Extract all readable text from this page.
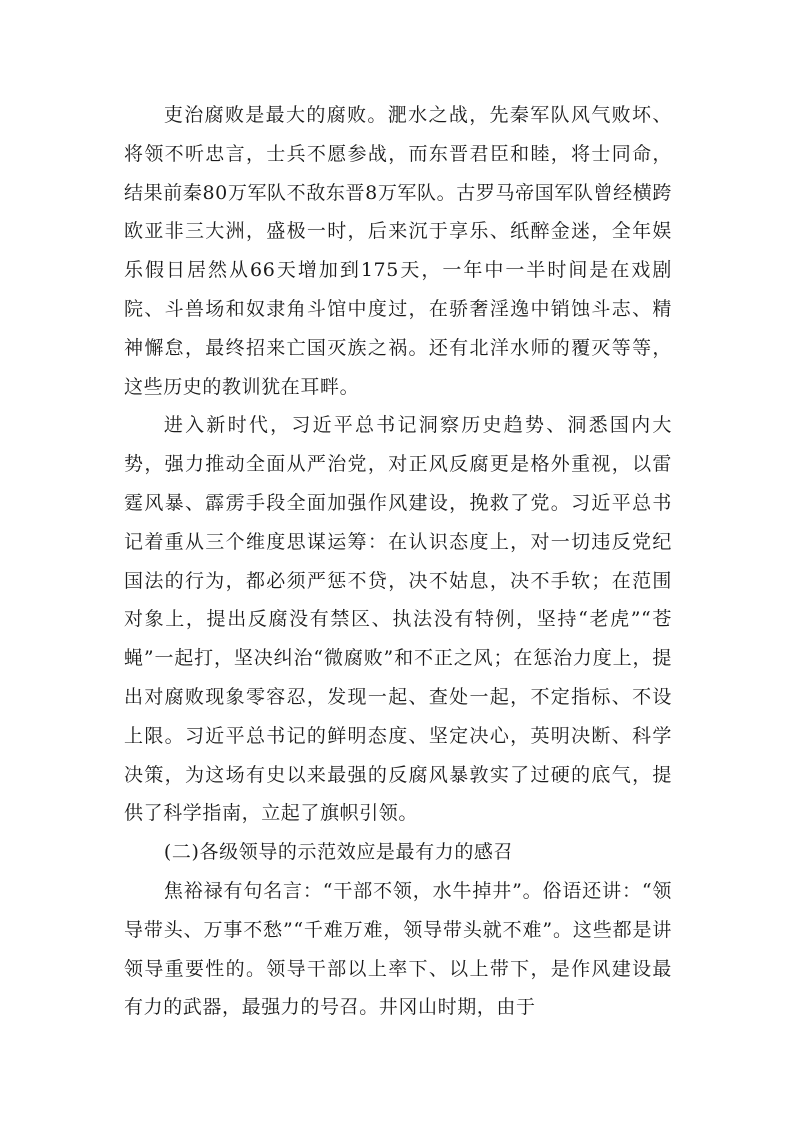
吏治腐败是最大的腐败。淝水之战，先秦军队风气败坏、将领不听忠言，士兵不愿参战，而东晋君臣和睦，将士同命，结果前秦80万军队不敌东晋8万军队。古罗马帝国军队曾经横跨欧亚非三大洲，盛极一时，后来沉于享乐、纸醉金迷，全年娱乐假日居然从66天增加到175天，一年中一半时间是在戏剧院、斗兽场和奴隶角斗馆中度过，在骄奢淫逸中销蚀斗志、精神懈怠，最终招来亡国灭族之祸。还有北洋水师的覆灭等等，这些历史的教训犹在耳畔。

进入新时代，习近平总书记洞察历史趋势、洞悉国内大势，强力推动全面从严治党，对正风反腐更是格外重视，以雷霆风暴、霹雳手段全面加强作风建设，挽救了党。习近平总书记着重从三个维度思谋运筹：在认识态度上，对一切违反党纪国法的行为，都必须严惩不贷，决不姑息，决不手软；在范围对象上，提出反腐没有禁区、执法没有特例，坚持“老虎”“苍蝇”一起打，坚决纠治“微腐败”和不正之风；在惩治力度上，提出对腐败现象零容忍，发现一起、查处一起，不定指标、不设上限。习近平总书记的鲜明态度、坚定决心，英明决断、科学决策，为这场有史以来最强的反腐风暴敦实了过硬的底气，提供了科学指南，立起了旗帜引领。

(二)各级领导的示范效应是最有力的感召

焦裕禄有句名言：“干部不领，水牛掉井”。俗语还讲：“领导带头、万事不愁”“千难万难，领导带头就不难”。这些都是讲领导重要性的。领导干部以上率下、以上带下，是作风建设最有力的武器，最强力的号召。井冈山时期，由于
